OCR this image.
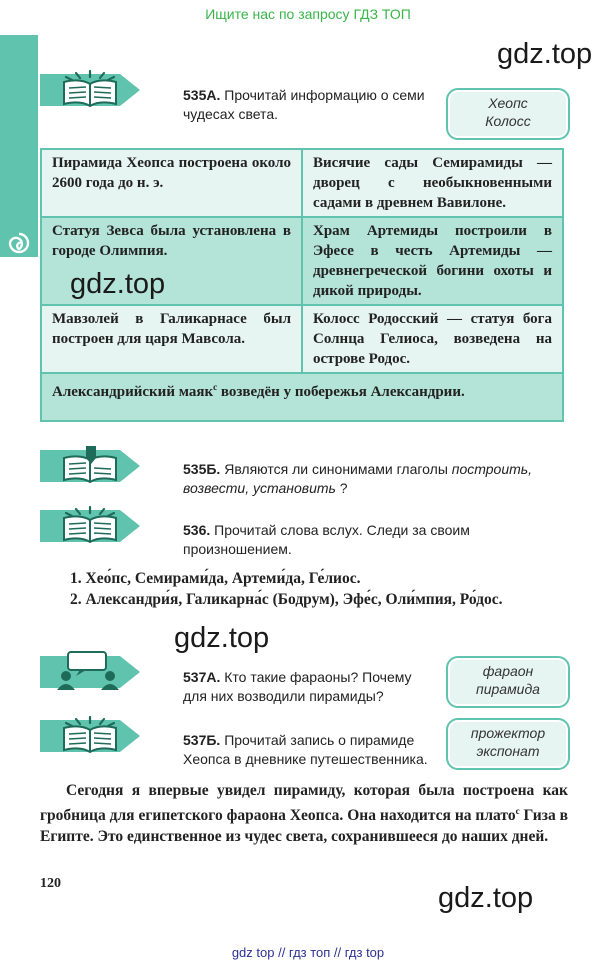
Ищите нас по запросу ГДЗ ТОП
gdz.top
535А. Прочитай информацию о семи чудесах света.
Хеопс
Колосс
Пирамида Хеопса построена около 2600 года до н. э.	Висячие сады Семирамиды — дворец с необыкновенными садами в древнем Вавилоне.
Статуя Зевса была установлена в городе Олимпия.	Храм Артемиды построили в Эфесе в честь Артемиды — древнегреческой богини охоты и дикой природы.
Мавзолей в Галикарнасе был построен для царя Мавсола.	Колосс Родосский — статуя бога Солнца Гелиоса, возведена на острове Родос.
Александрийский маяк$^с$ возведён у побережья Александрии.	
gdz.top
535Б. Являются ли синонимами глаголы построить, возвести, установить ?
536. Прочитай слова вслух. Следи за своим произношением.
1. Хео́пс, Семирами́да, Артеми́да, Ге́лиос.
2. Александри́я, Галикарна́с (Бодрум), Эфе́с, Оли́мпия, Ро́дос.
gdz.top
537А. Кто такие фараоны? Почему для них возводили пирамиды?
фараон
пирамида
537Б. Прочитай запись о пирамиде Хеопса в дневнике путешественника.
прожектор
экспонат
Сегодня я впервые увидел пирамиду, которая была построена как гробница для египетского фараона Хеопса. Она находится на плато$^с$ Гиза в Египте. Это единственное из чудес света, сохранившееся до наших дней.
120	gdz.top
gdz top // гдз топ // гдз top
